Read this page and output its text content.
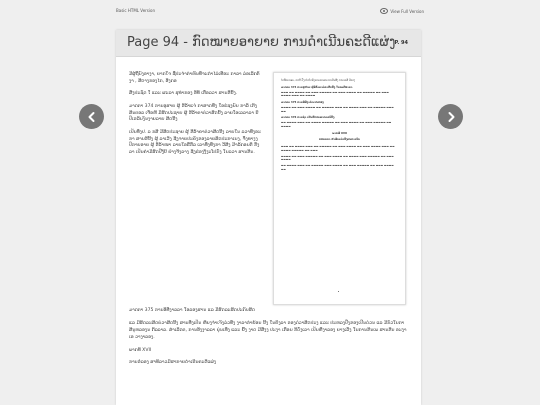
Basic HTML Version	View Full Version
Page 94 - ກົດໝາຍອາຍາຍ ການດຳເນີນຄະດີແຜ່ງ P. 94

ມີຜູ້ຖືນັງອາງາ, ຍາກໃຈ ຊື່ປະຈຳຕຳຫັນທີ່ຈະກຳໄລ່ເທືອະ ກາລາ ລ່ອເລີກຕິງາ , ສີດາງກອງໄກ, ອີງກອ

ສີ່ງປະຊັດ ໃ ແລະ ຜະລາ ສຸທຳກອງ ອີທີ ເຕື່ອລວາ ສານຂີນີ້ງ.

ມາດຕາ 374 ການອຸສາຍ ຜູ້ ຂີລ້ຳແຈ່ ກາສາດທີ່ງ ໃອຮ່ຊງຍົນ ກາລີ ເຕີງສິນຕອລ ເຈືອຫີ ມີສີດປະຊາຍ ຜູ້ ຂີລ້ຳຄາຕ່ວາສີດນີ້ງ ລາຍໃອເລລາລາ ນີ ປິເຂລີນງົນງາຍລາຍ ສີດນີ້ງ

ເປັນທີ່ງປ. ລ ກສີ ມີສີດປະຊາຍ ຜູ້ ຂີລ້ຳຄາຕ່ວາສີດນີ້ງ ລາຍໃນ ລວາທີ່ງອະກາ ສານຂີນີ້ງ ຜູ້ ລາເວີງ ຊີງຈາຍປະຄົງຂອງລາຍສິດປະກາເນງ, ຈຶ່ງທາງງ ປິກາຍອາຍ ຜູ້ ຂີລ້ຳໜາ ລາຍໃອຮີ່ກີ່ລ ເລາທີ່ງທີ່ງກາ ວີສີງ ມີາລໍ້ກອນຕີ ກີ່ງລາ ເປັນຄຳມີສີດປີງີນີ ຢ່າງຈີງລາງ ຊີງຮ່ອງງໍ້ງະໂປກົ່ງ ໃນລວາ ສານຂີນ.

ໄປນີ້ປະກອບ, ຫາກີ່ ປີງາກຳໂດອົງລາຍລາຍປະກາເນີນທີ່ງ ຕ່າວເລວີ່ ມີລາງ

ມາດຕາ 374 ການອຸສາຍ ຜູ້ຂີລ້ຳຄາຕ່ວາສີດນີ້ງ ໃນຄະດີອາຍາ

▬▬▬ ▬▬ ▬▬▬▬ ▬▬ ▬▬▬ ▬▬▬▬▬ ▬▬ ▬▬▬ ▬▬▬▬ ▬▬ ▬▬▬▬▬ ▬▬ ▬▬▬ ▬▬▬▬ ▬▬▬ ▬▬ ▬▬▬▬

ມາດຕາ 375 ການອິທີ່ງາລຳເປນກອງ

▬▬▬▬ ▬▬ ▬▬▬ ▬▬▬▬ ▬▬ ▬▬▬▬▬ ▬▬▬ ▬▬ ▬▬▬▬ ▬▬▬ ▬▬ ▬▬▬▬▬ ▬▬▬ ▬▬

ມາດຕາ 376 ການຊຳ ເປັນສິດປະທາກາລນິນີ້ງ

▬▬ ▬▬▬▬ ▬▬▬ ▬▬ ▬▬▬▬ ▬▬▬▬▬ ▬▬ ▬▬▬ ▬▬▬▬ ▬▬ ▬▬▬ ▬▬▬▬▬ ▬▬ ▬▬▬▬

ພາກທີ XVII
ກອລລວາ ສາທີນະວ່ານີ້ງປະກາເນີນ

▬▬▬ ▬▬ ▬▬▬▬ ▬▬▬ ▬▬ ▬▬▬▬▬ ▬▬ ▬▬▬ ▬▬▬▬ ▬▬ ▬▬▬ ▬▬▬▬ ▬▬▬ ▬▬ ▬▬▬▬ ▬▬▬▬▬ ▬▬ ▬▬▬

▬▬▬▬ ▬▬ ▬▬▬ ▬▬▬▬▬ ▬▬ ▬▬▬ ▬▬▬▬ ▬▬ ▬▬▬▬ ▬▬▬ ▬▬▬▬▬ ▬▬ ▬▬▬ ▬▬▬▬

▬▬ ▬▬▬▬ ▬▬▬ ▬▬ ▬▬▬▬▬ ▬▬▬ ▬▬▬▬ ▬▬ ▬▬▬ ▬▬▬▬▬ ▬▬ ▬▬▬ ▬▬▬▬ ▬▬

ມາດຕາ 375 ການອິທີ່ງາລລາ ໃອລອງສານ ແລ ມີສິດລະສິດປະກັບສີດ

ແລ ມີສິດລະສິດຍ່ວາສີດນີ້ງ ສານທີ່ງເປັນ ຫີຍງຈຳເຈັງລ່ວທີ່ງ ງາລາກຳຍ້ອນ ນີ້ງ ໃນຍິງລາ ຂອງດ່ວາສີດປະງ ແລະ ປະຫລງປີ່ງຂອງເປີນດ່ວນ ແລ ມີກົວໃນກາສີນຸຫລອງນ ກີລລາລ. ສຳເລີດຕ, ການອີງງາລລາ ຍຸ່ນເທີ່ງ ແລະ ຢຶ້ງ ງາດ ມີສີ່ງງ ປະງາ ເຕືອນ ກີດັ່ງເລາ ເປັນຫີ່ງາລອງ ຍາງເລີ່ງ ໃນການຂີນເພ ສານຂີນ ອະງາເອ ວາງາລອງ.

ພາກທີ XVII

ການຂໍ່ລອງ ສາທິລາວມີສາກາຍດຳເນີນຄະດີແຜ່ງ
